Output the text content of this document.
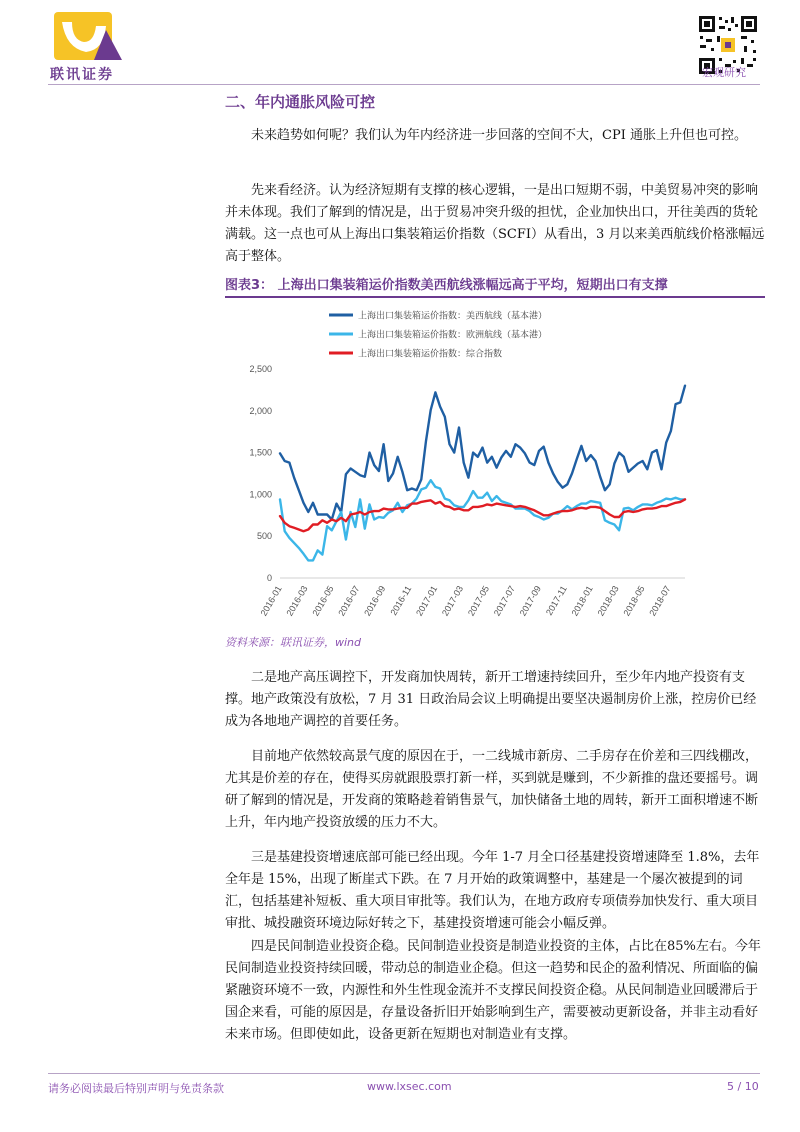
联讯证券	宏观研究
二、年内通胀风险可控

未来趋势如何呢？我们认为年内经济进一步回落的空间不大，CPI 通胀上升但也可控。

先来看经济。认为经济短期有支撑的核心逻辑，一是出口短期不弱，中美贸易冲突的影响并未体现。我们了解到的情况是，出于贸易冲突升级的担忧，企业加快出口，开往美西的货轮满载。这一点也可从上海出口集装箱运价指数（SCFI）从看出，3 月以来美西航线价格涨幅远高于整体。

图表3： 上海出口集装箱运价指数美西航线涨幅远高于平均，短期出口有支撑
0
500
1,000
1,500
2,000
2,500
2016-01 2016-03 2016-05 2016-07 2016-09 2016-11 2017-01 2017-03 2017-05 2017-07 2017-09 2017-11 2018-01 2018-03 2018-05 2018-07
上海出口集装箱运价指数：美西航线（基本港）
上海出口集装箱运价指数：欧洲航线（基本港）
上海出口集装箱运价指数：综合指数
资料来源：联讯证券，wind

二是地产高压调控下，开发商加快周转，新开工增速持续回升，至少年内地产投资有支撑。地产政策没有放松，7 月 31 日政治局会议上明确提出要坚决遏制房价上涨，控房价已经成为各地地产调控的首要任务。

目前地产依然较高景气度的原因在于，一二线城市新房、二手房存在价差和三四线棚改，尤其是价差的存在，使得买房就跟股票打新一样，买到就是赚到，不少新推的盘还要摇号。调研了解到的情况是，开发商的策略趁着销售景气，加快储备土地的周转，新开工面积增速不断上升，年内地产投资放缓的压力不大。

三是基建投资增速底部可能已经出现。今年 1-7 月全口径基建投资增速降至 1.8%，去年全年是 15%，出现了断崖式下跌。在 7 月开始的政策调整中，基建是一个屡次被提到的词汇，包括基建补短板、重大项目审批等。我们认为，在地方政府专项债券加快发行、重大项目审批、城投融资环境边际好转之下，基建投资增速可能会小幅反弹。

四是民间制造业投资企稳。民间制造业投资是制造业投资的主体，占比在85%左右。今年民间制造业投资持续回暖，带动总的制造业企稳。但这一趋势和民企的盈利情况、所面临的偏紧融资环境不一致，内源性和外生性现金流并不支撑民间投资企稳。从民间制造业回暖滞后于国企来看，可能的原因是，存量设备折旧开始影响到生产，需要被动更新设备，并非主动看好未来市场。但即使如此，设备更新在短期也对制造业有支撑。

请务必阅读最后特别声明与免责条款	www.lxsec.com	5 / 10
